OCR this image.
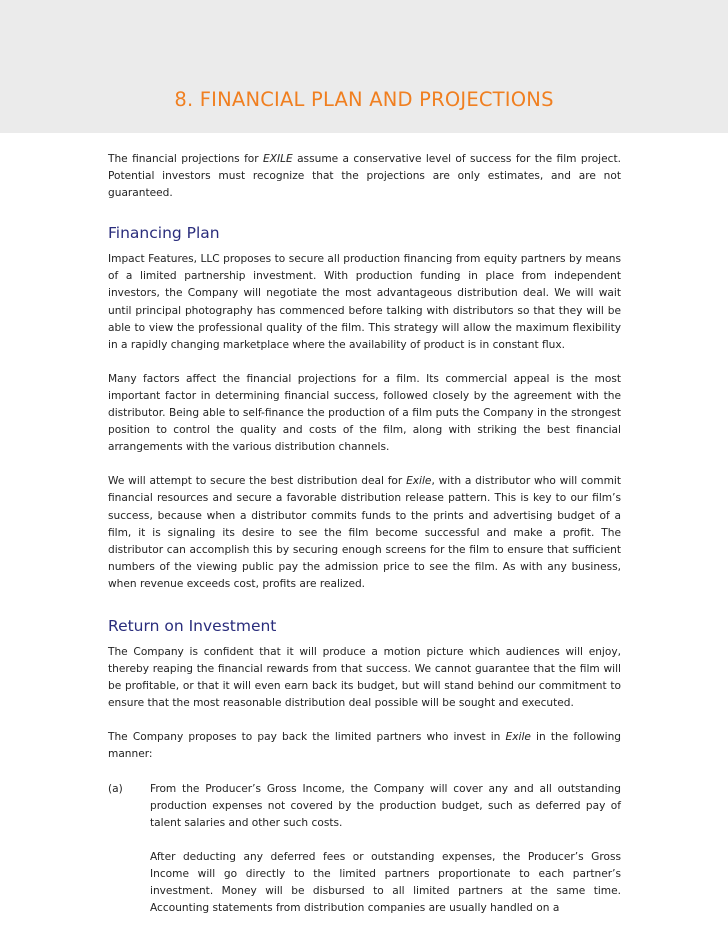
8. FINANCIAL PLAN AND PROJECTIONS

The financial projections for EXILE assume a conservative level of success for the film project. Potential investors must recognize that the projections are only estimates, and are not guaranteed.

Financing Plan

Impact Features, LLC proposes to secure all production financing from equity partners by means of a limited partnership investment. With production funding in place from independent investors, the Company will negotiate the most advantageous distribution deal. We will wait until principal photography has commenced before talking with distributors so that they will be able to view the professional quality of the film. This strategy will allow the maximum flexibility in a rapidly changing marketplace where the availability of product is in constant flux.

Many factors affect the financial projections for a film. Its commercial appeal is the most important factor in determining financial success, followed closely by the agreement with the distributor. Being able to self-finance the production of a film puts the Company in the strongest position to control the quality and costs of the film, along with striking the best financial arrangements with the various distribution channels.

We will attempt to secure the best distribution deal for Exile, with a distributor who will commit financial resources and secure a favorable distribution release pattern. This is key to our film’s success, because when a distributor commits funds to the prints and advertising budget of a film, it is signaling its desire to see the film become successful and make a profit. The distributor can accomplish this by securing enough screens for the film to ensure that sufficient numbers of the viewing public pay the admission price to see the film. As with any business, when revenue exceeds cost, profits are realized.

Return on Investment

The Company is confident that it will produce a motion picture which audiences will enjoy, thereby reaping the financial rewards from that success. We cannot guarantee that the film will be profitable, or that it will even earn back its budget, but will stand behind our commitment to ensure that the most reasonable distribution deal possible will be sought and executed.

The Company proposes to pay back the limited partners who invest in Exile in the following manner:

(a)	From the Producer’s Gross Income, the Company will cover any and all outstanding production expenses not covered by the production budget, such as deferred pay of talent salaries and other such costs.

After deducting any deferred fees or outstanding expenses, the Producer’s Gross Income will go directly to the limited partners proportionate to each partner’s investment. Money will be disbursed to all limited partners at the same time. Accounting statements from distribution companies are usually handled on a
